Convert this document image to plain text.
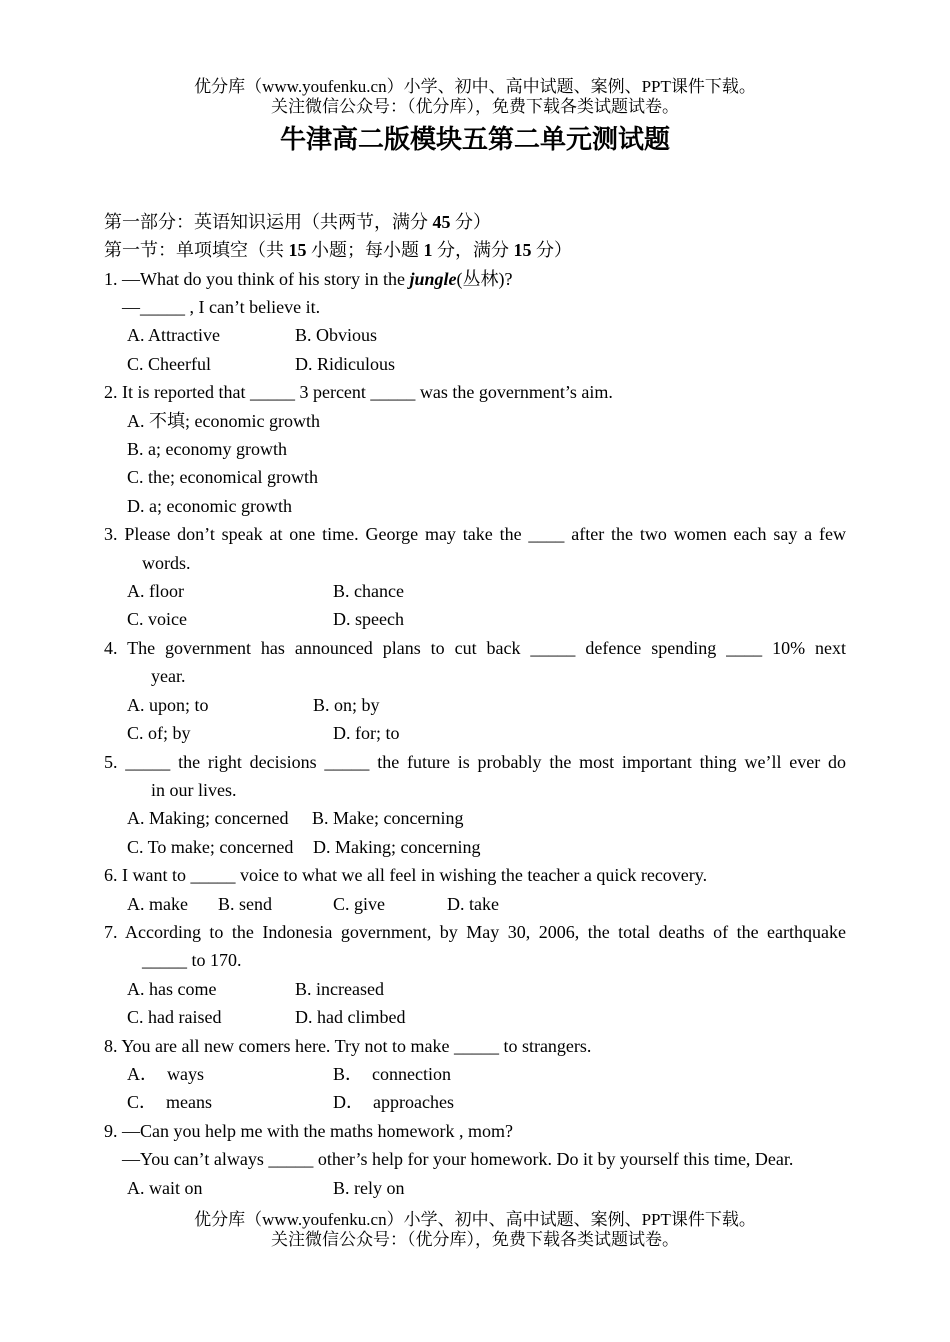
优分库（www.youfenku.cn）小学、初中、高中试题、案例、PPT课件下载。
关注微信公众号：（优分库），免费下载各类试题试卷。
牛津高二版模块五第二单元测试题
第一部分：英语知识运用（共两节，满分 45 分）
第一节：单项填空（共 15 小题；每小题 1 分，满分 15 分）
1. —What do you think of his story in the jungle(丛林)?
—_____ , I can’t believe it.

A. Attractive

	B. Obvious

C. Cheerful

	D. Ridiculous

2. It is reported that _____ 3 percent _____ was the government’s aim.
A. 不填; economic growth
B. a; economy growth
C. the; economical growth
D. a; economic growth
3. Please don’t speak at one time. George may take the ____ after the two women each say a few
words.

A. floor

	B. chance

C. voice

	D. speech

4. The government has announced plans to cut back _____ defence spending ____ 10% next
year.

A. upon; to

	B. on; by

C. of; by

	D. for; to

5. _____ the right decisions _____ the future is probably the most important thing we’ll ever do
in our lives.

A. Making; concerned

B. Make; concerning

C. To make; concerned

D. Making; concerning

6. I want to _____ voice to what we all feel in wishing the teacher a quick recovery.

A. make

B. send

	C. give

	D. take

7. According to the Indonesia government, by May 30, 2006, the total deaths of the earthquake
_____ to 170.

A. has come

	B. increased

C. had raised

	D. had climbed

8. You are all new comers here. Try not to make _____ to strangers.

A．  ways

	B．  connection

C．  means

	D．  approaches

9. —Can you help me with the maths homework , mom?
—You can’t always _____ other’s help for your homework. Do it by yourself this time, Dear.

A. wait on

	B. rely on

优分库（www.youfenku.cn）小学、初中、高中试题、案例、PPT课件下载。
关注微信公众号：（优分库），免费下载各类试题试卷。
